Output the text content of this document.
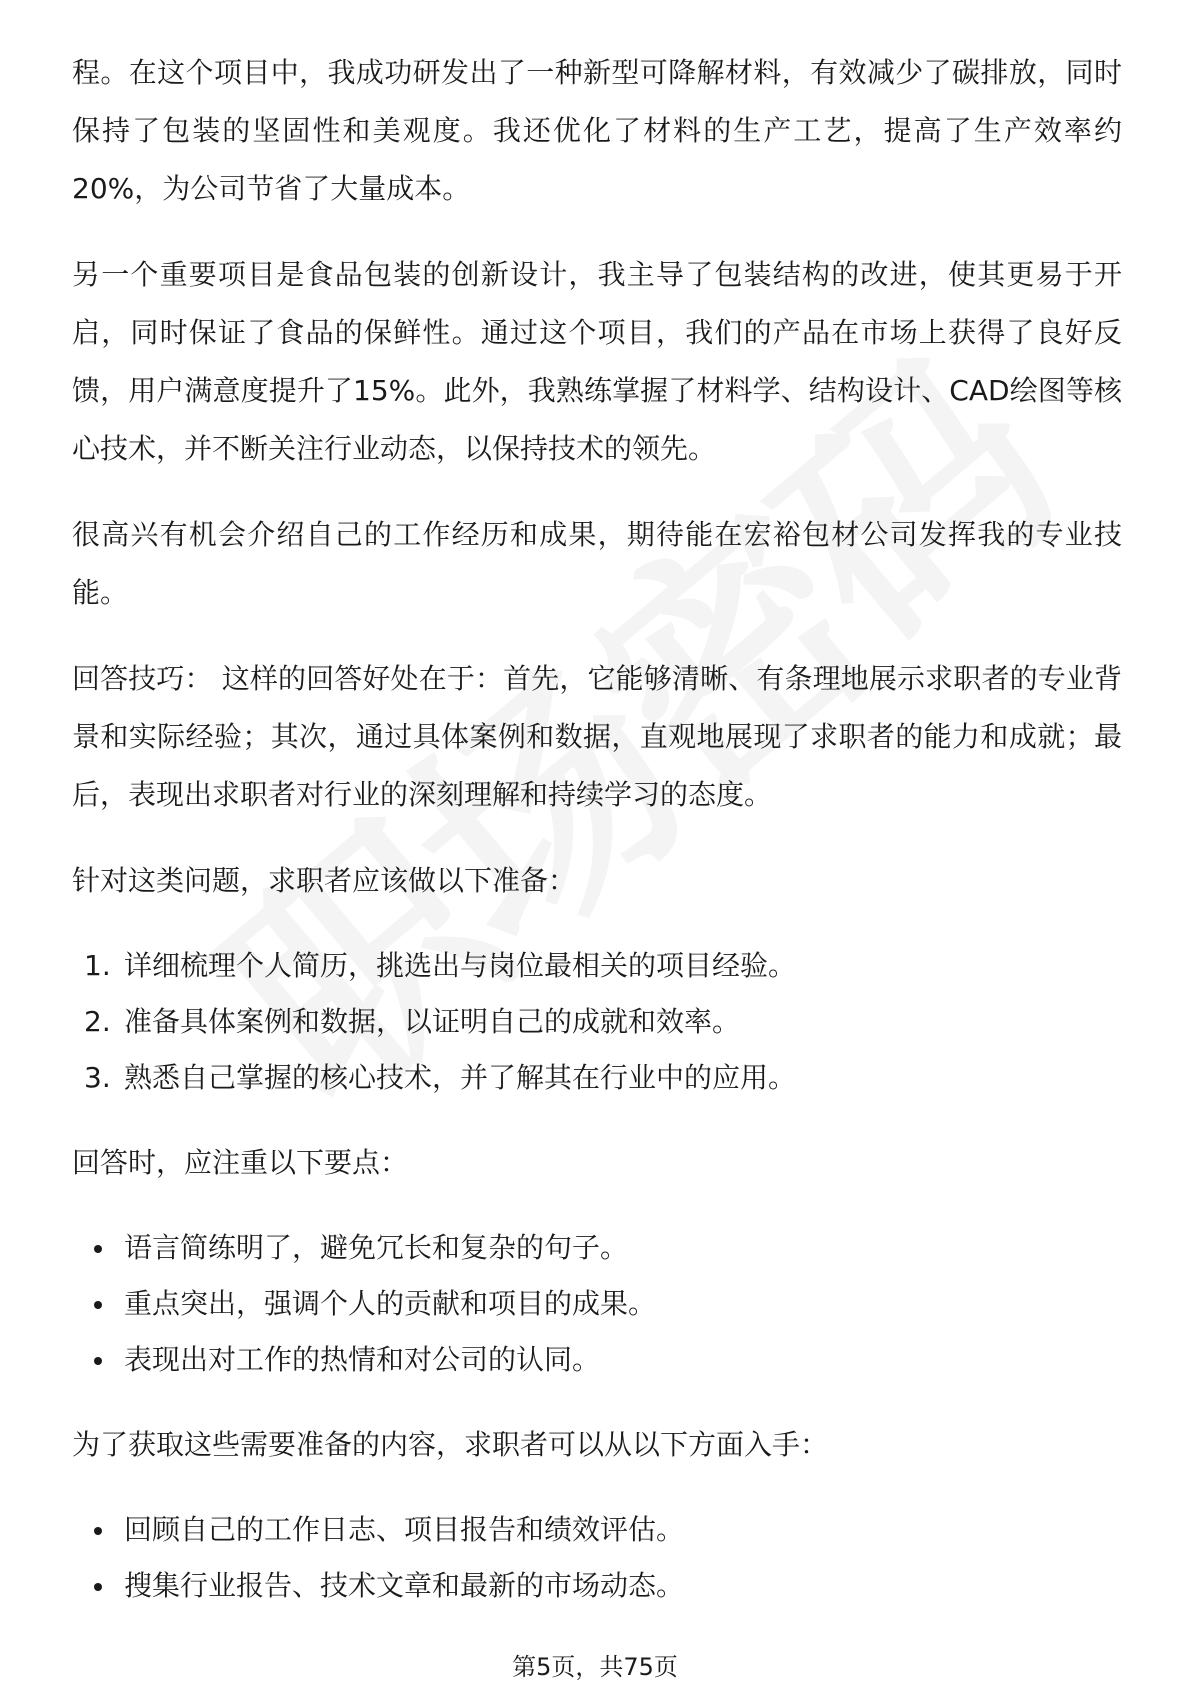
程。在这个项目中，我成功研发出了一种新型可降解材料，有效减少了碳排放，同时保持了包装的坚固性和美观度。我还优化了材料的生产工艺，提高了生产效率约20%，为公司节省了大量成本。

另一个重要项目是食品包装的创新设计，我主导了包装结构的改进，使其更易于开启，同时保证了食品的保鲜性。通过这个项目，我们的产品在市场上获得了良好反馈，用户满意度提升了15%。此外，我熟练掌握了材料学、结构设计、CAD绘图等核心技术，并不断关注行业动态，以保持技术的领先。

很高兴有机会介绍自己的工作经历和成果，期待能在宏裕包材公司发挥我的专业技能。

回答技巧： 这样的回答好处在于：首先，它能够清晰、有条理地展示求职者的专业背景和实际经验；其次，通过具体案例和数据，直观地展现了求职者的能力和成就；最后，表现出求职者对行业的深刻理解和持续学习的态度。

针对这类问题，求职者应该做以下准备：

1. 详细梳理个人简历，挑选出与岗位最相关的项目经验。
2. 准备具体案例和数据，以证明自己的成就和效率。
3. 熟悉自己掌握的核心技术，并了解其在行业中的应用。

回答时，应注重以下要点：

语言简练明了，避免冗长和复杂的句子。
重点突出，强调个人的贡献和项目的成果。
表现出对工作的热情和对公司的认同。

为了获取这些需要准备的内容，求职者可以从以下方面入手：

回顾自己的工作日志、项目报告和绩效评估。
搜集行业报告、技术文章和最新的市场动态。
第5页，共75页
